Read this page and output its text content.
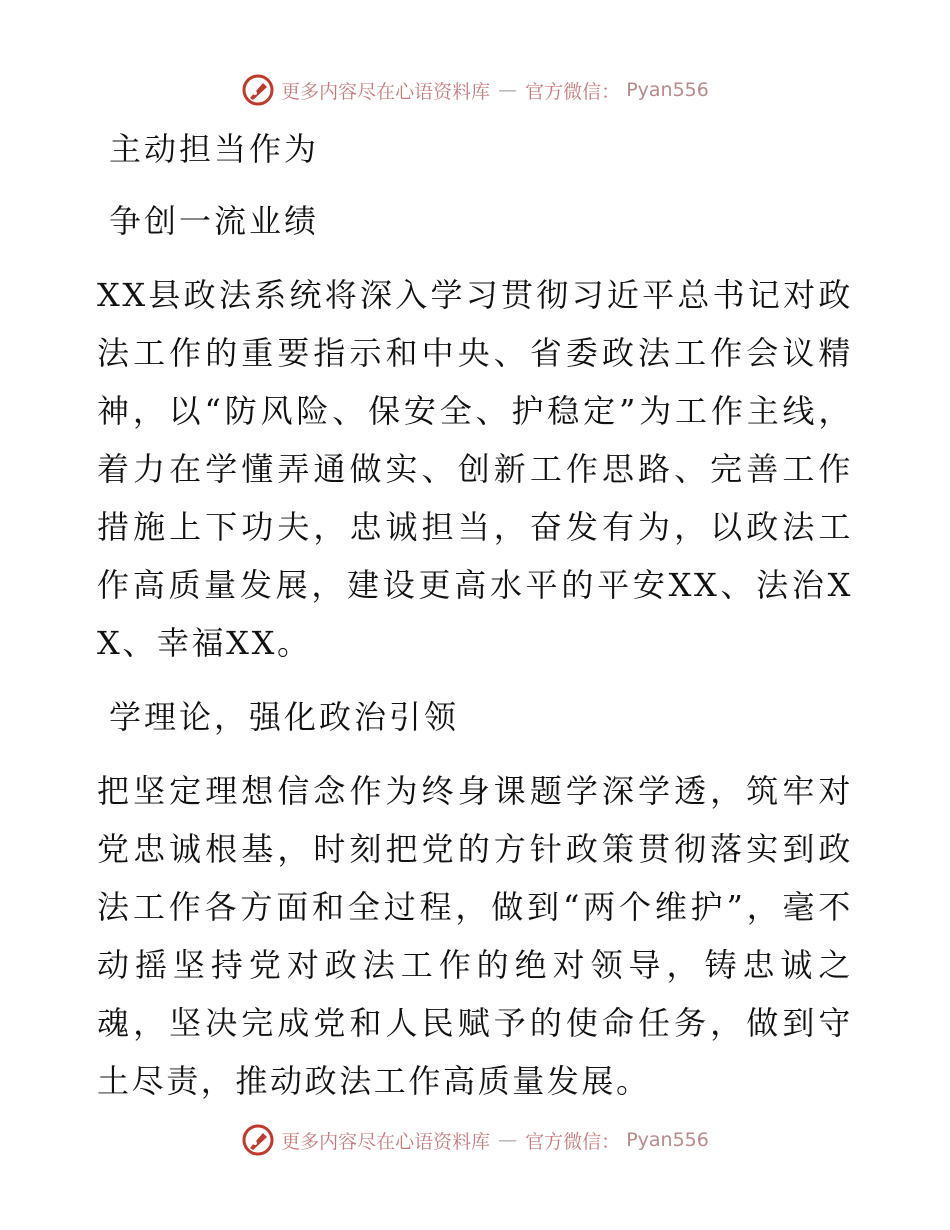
更多内容尽在心语资料库 — 官方微信： Pyan556
主动担当作为
争创一流业绩

XX县政法系统将深入学习贯彻习近平总书记对政法工作的重要指示和中央、省委政法工作会议精神，以“防风险、保安全、护稳定”为工作主线，着力在学懂弄通做实、创新工作思路、完善工作措施上下功夫，忠诚担当，奋发有为，以政法工作高质量发展，建设更高水平的平安XX、法治XX、幸福XX。

学理论，强化政治引领

把坚定理想信念作为终身课题学深学透，筑牢对党忠诚根基，时刻把党的方针政策贯彻落实到政法工作各方面和全过程，做到“两个维护”，毫不动摇坚持党对政法工作的绝对领导，铸忠诚之魂，坚决完成党和人民赋予的使命任务，做到守土尽责，推动政法工作高质量发展。

更多内容尽在心语资料库 — 官方微信： Pyan556
